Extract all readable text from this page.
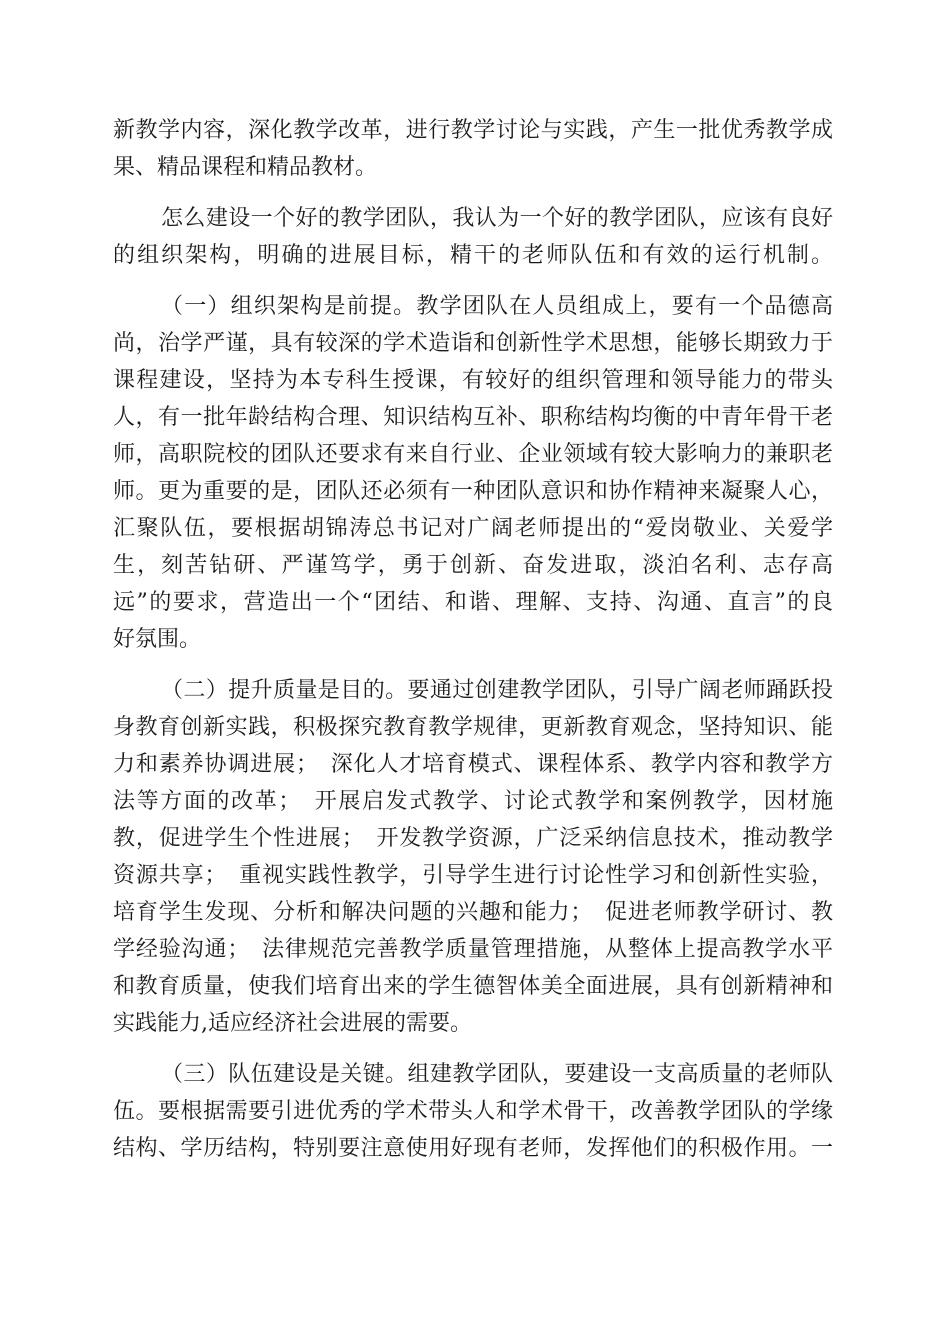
新教学内容，深化教学改革，进行教学讨论与实践，产生一批优秀教学成
果、精品课程和精品教材。
怎么建设一个好的教学团队，我认为一个好的教学团队，应该有良好
的组织架构，明确的进展目标，精干的老师队伍和有效的运行机制。
（一）组织架构是前提。教学团队在人员组成上，要有一个品德高
尚，治学严谨，具有较深的学术造诣和创新性学术思想，能够长期致力于
课程建设，坚持为本专科生授课，有较好的组织管理和领导能力的带头
人，有一批年龄结构合理、知识结构互补、职称结构均衡的中青年骨干老
师，高职院校的团队还要求有来自行业、企业领域有较大影响力的兼职老
师。更为重要的是，团队还必须有一种团队意识和协作精神来凝聚人心，
汇聚队伍，要根据胡锦涛总书记对广阔老师提出的“爱岗敬业、关爱学
生，刻苦钻研、严谨笃学，勇于创新、奋发进取，淡泊名利、志存高
远”的要求，营造出一个“团结、和谐、理解、支持、沟通、直言”的良
好氛围。
（二）提升质量是目的。要通过创建教学团队，引导广阔老师踊跃投
身教育创新实践，积极探究教育教学规律，更新教育观念，坚持知识、能
力和素养协调进展；　深化人才培育模式、课程体系、教学内容和教学方
法等方面的改革；　开展启发式教学、讨论式教学和案例教学，因材施
教，促进学生个性进展；　开发教学资源，广泛采纳信息技术，推动教学
资源共享；　重视实践性教学，引导学生进行讨论性学习和创新性实验，
培育学生发现、分析和解决问题的兴趣和能力；　促进老师教学研讨、教
学经验沟通；　法律规范完善教学质量管理措施，从整体上提高教学水平
和教育质量，使我们培育出来的学生德智体美全面进展，具有创新精神和
实践能力,适应经济社会进展的需要。
（三）队伍建设是关键。组建教学团队，要建设一支高质量的老师队
伍。要根据需要引进优秀的学术带头人和学术骨干，改善教学团队的学缘
结构、学历结构，特别要注意使用好现有老师，发挥他们的积极作用。一
